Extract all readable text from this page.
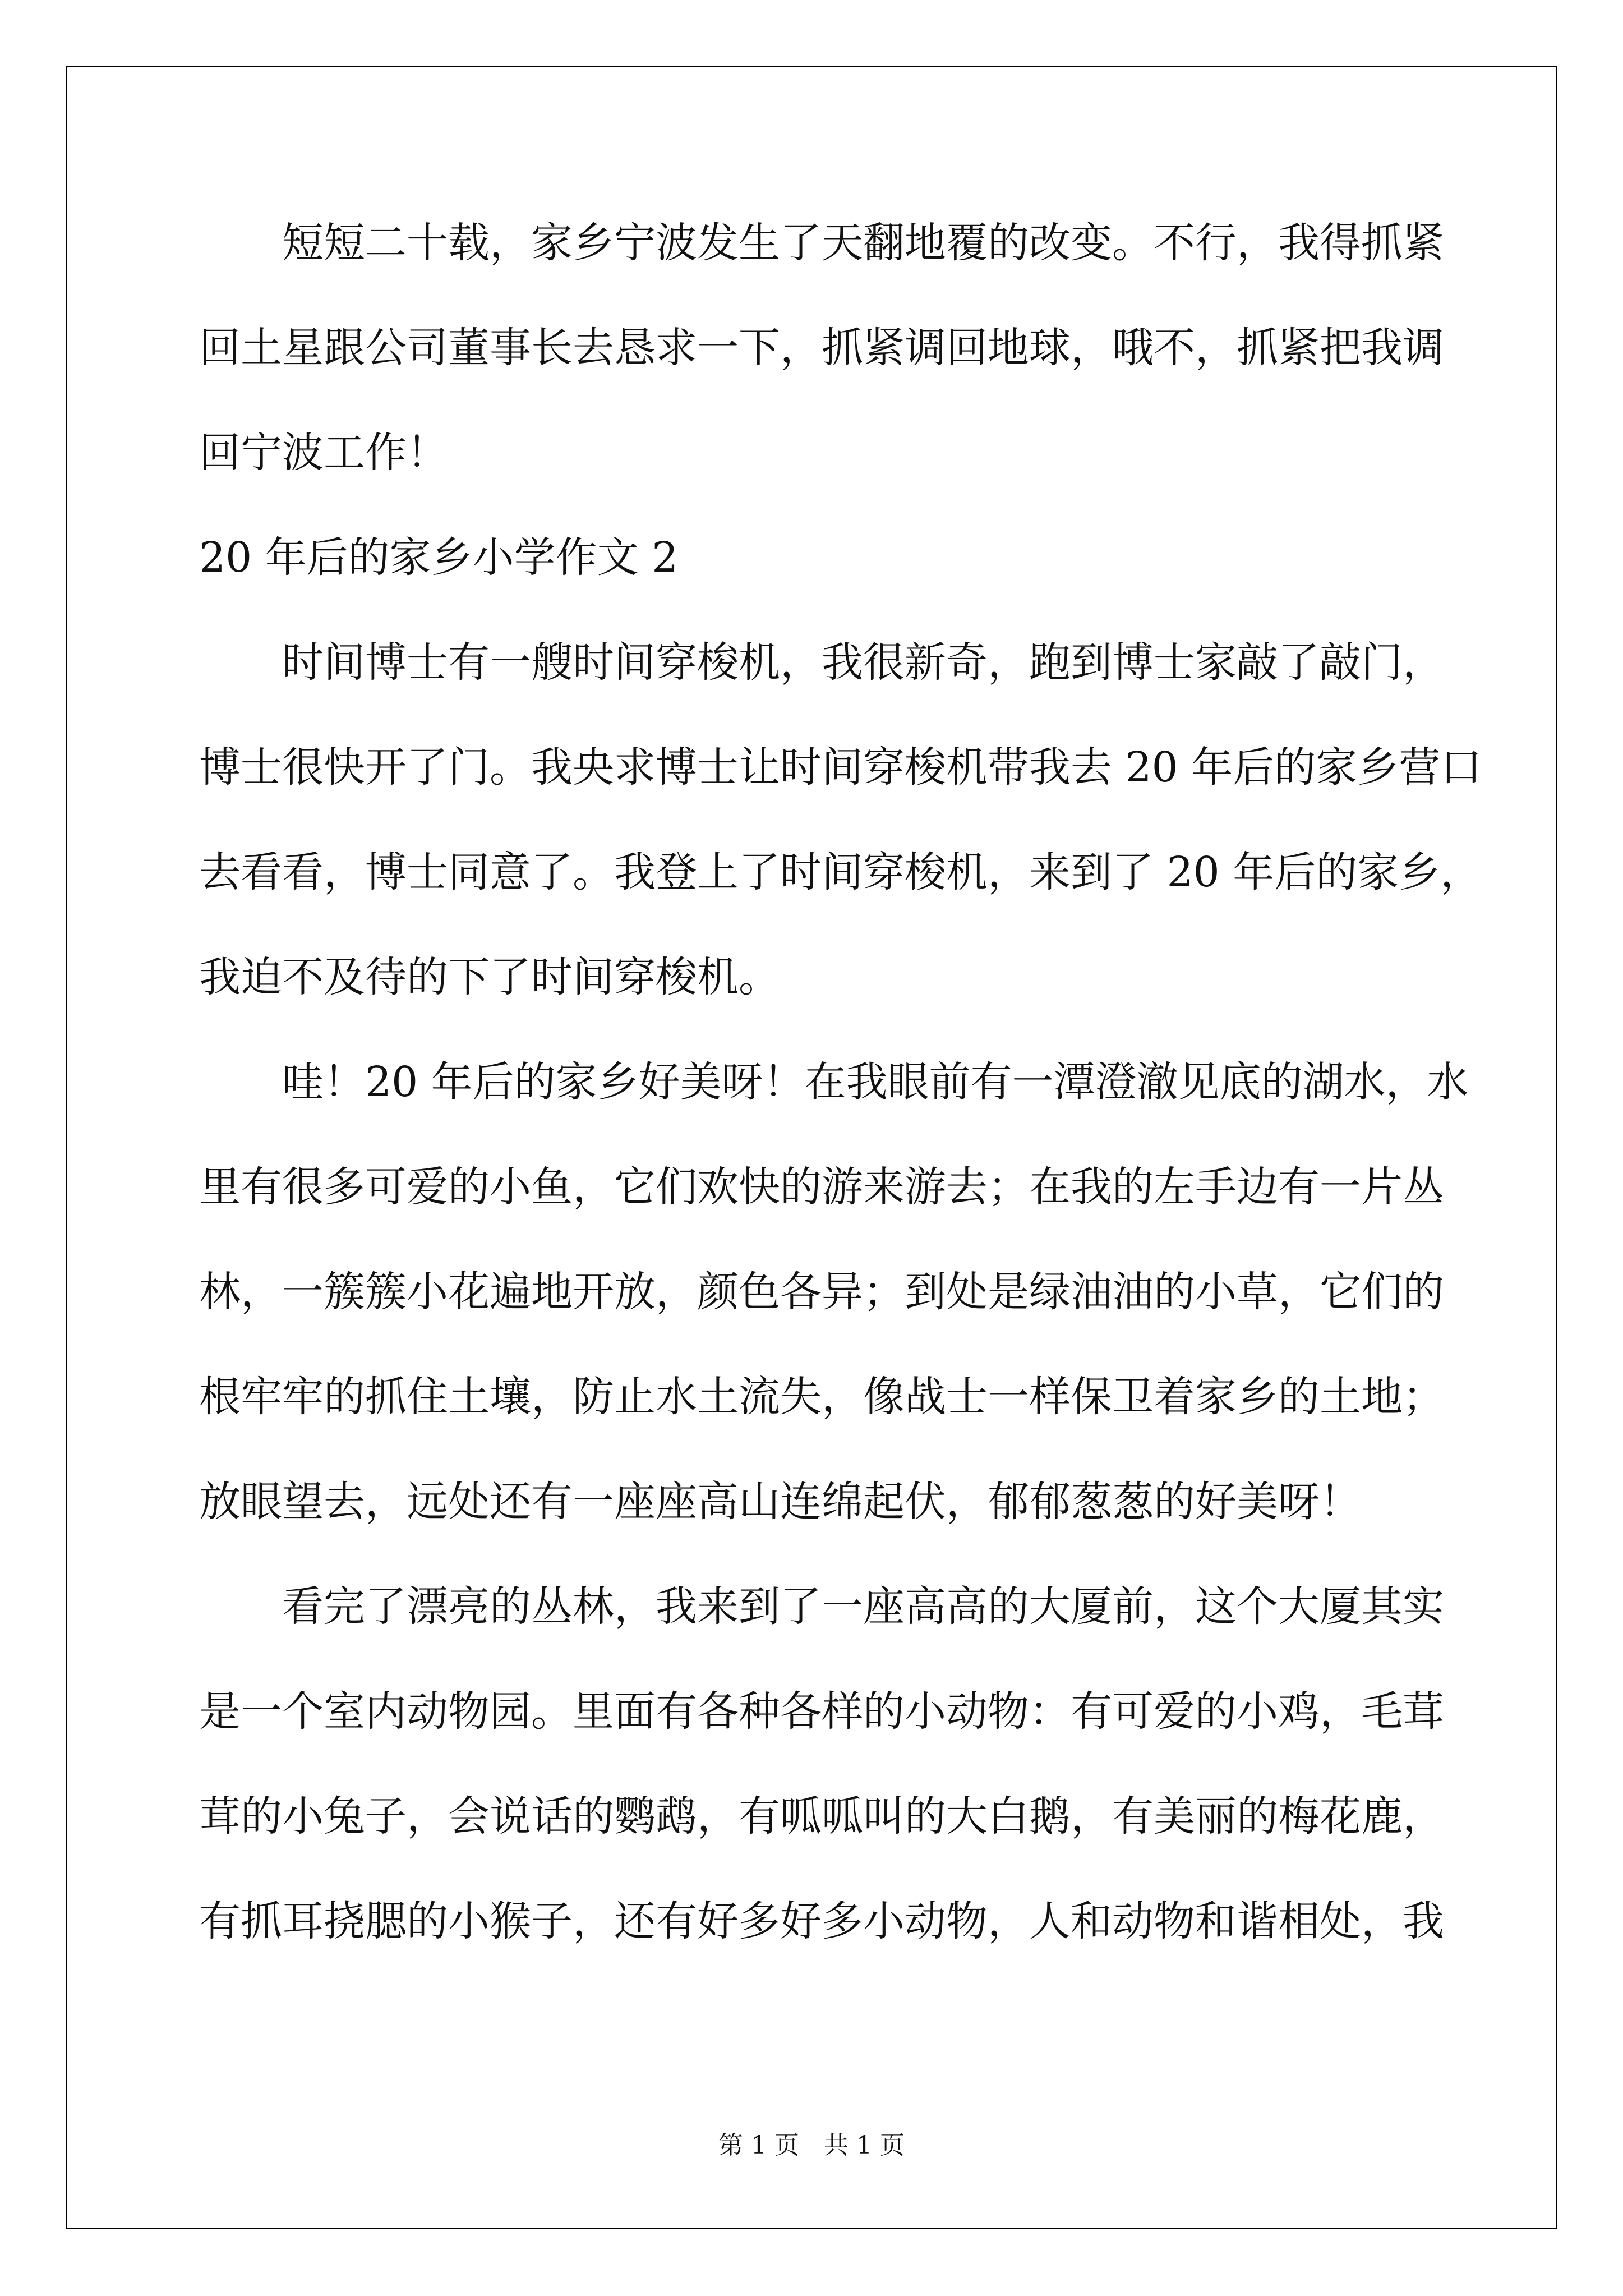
　　短短二十载，家乡宁波发生了天翻地覆的改变。不行，我得抓紧
回土星跟公司董事长去恳求一下，抓紧调回地球，哦不，抓紧把我调
回宁波工作！
20 年后的家乡小学作文 2
　　时间博士有一艘时间穿梭机，我很新奇，跑到博士家敲了敲门，
博士很快开了门。我央求博士让时间穿梭机带我去 20 年后的家乡营口
去看看，博士同意了。我登上了时间穿梭机，来到了 20 年后的家乡，
我迫不及待的下了时间穿梭机。
　　哇！20 年后的家乡好美呀！在我眼前有一潭澄澈见底的湖水，水
里有很多可爱的小鱼，它们欢快的游来游去；在我的左手边有一片丛
林，一簇簇小花遍地开放，颜色各异；到处是绿油油的小草，它们的
根牢牢的抓住土壤，防止水土流失，像战士一样保卫着家乡的土地；
放眼望去，远处还有一座座高山连绵起伏，郁郁葱葱的好美呀！
　　看完了漂亮的丛林，我来到了一座高高的大厦前，这个大厦其实
是一个室内动物园。里面有各种各样的小动物：有可爱的小鸡，毛茸
茸的小兔子，会说话的鹦鹉，有呱呱叫的大白鹅，有美丽的梅花鹿，
有抓耳挠腮的小猴子，还有好多好多小动物，人和动物和谐相处，我
第 1 页　共 1 页
